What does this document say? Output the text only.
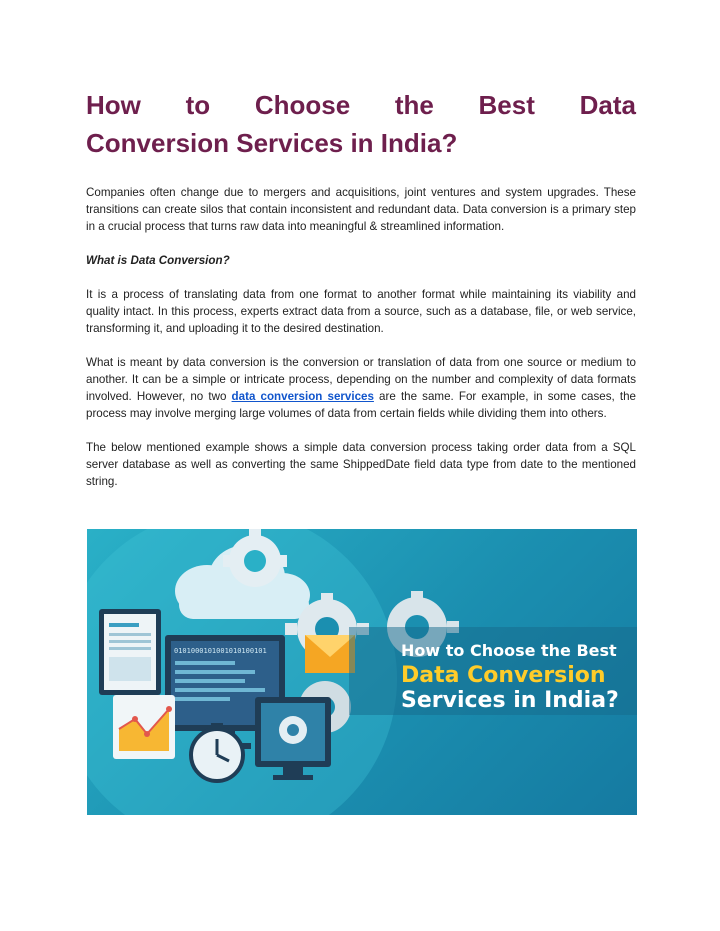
How to Choose the Best Data
Conversion Services in India?

Companies often change due to mergers and acquisitions, joint ventures and system upgrades. These transitions can create silos that contain inconsistent and redundant data. Data conversion is a primary step in a crucial process that turns raw data into meaningful & streamlined information.

What is Data Conversion?

It is a process of translating data from one format to another format while maintaining its viability and quality intact. In this process, experts extract data from a source, such as a database, file, or web service, transforming it, and uploading it to the desired destination.

What is meant by data conversion is the conversion or translation of data from one source or medium to another. It can be a simple or intricate process, depending on the number and complexity of data formats involved. However, no two data conversion services are the same. For example, in some cases, the process may involve merging large volumes of data from certain fields while dividing them into others.

The below mentioned example shows a simple data conversion process taking order data from a SQL server database as well as converting the same ShippedDate field data type from date to the mentioned string.

0101000101001010100101	How to Choose the Best
Data Conversion
Services in India?
